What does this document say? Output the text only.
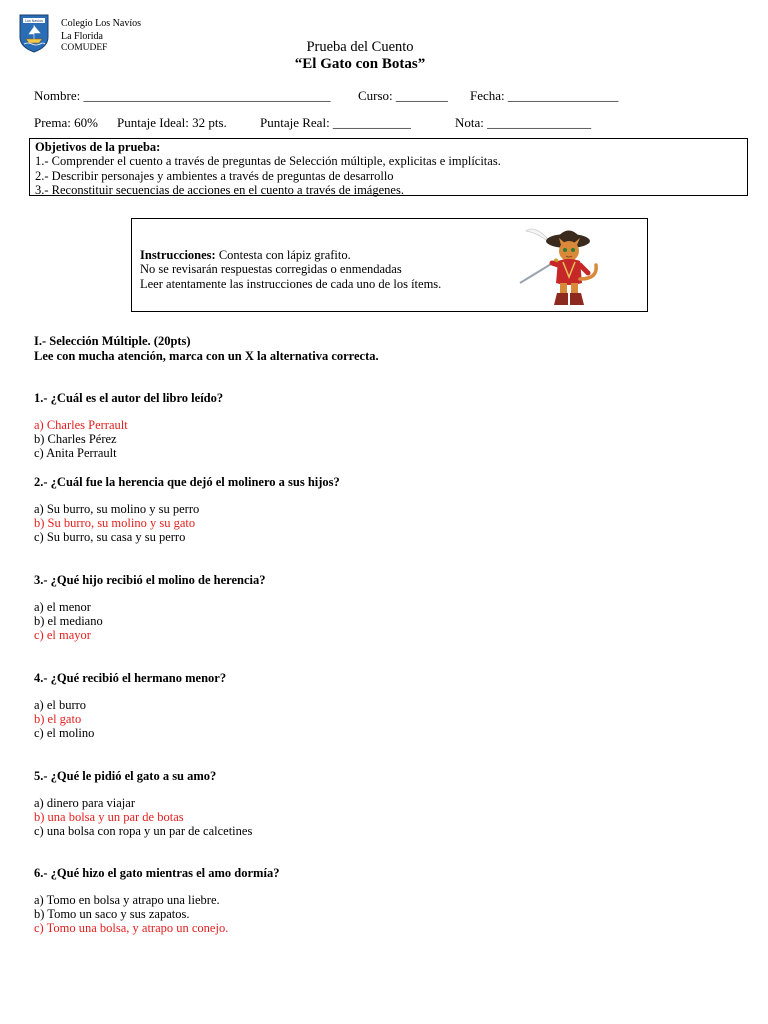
Los Navíos Colegio Los Navíos
La Florida
COMUDEF	Prueba del Cuento
“El Gato con Botas”
Nombre: ______________________________________ Curso: ________ Fecha: _________________
Prema: 60% Puntaje Ideal: 32 pts.	Puntaje Real: ____________	Nota: ________________
Objetivos de la prueba:
1.- Comprender el cuento a través de preguntas de Selección múltiple, explicitas e implícitas.
2.- Describir personajes y ambientes a través de preguntas de desarrollo
3.- Reconstituir secuencias de acciones en el cuento a través de imágenes.
Instrucciones: Contesta con lápiz grafito.
No se revisarán respuestas corregidas o enmendadas
Leer atentamente las instrucciones de cada uno de los ítems.
I.- Selección Múltiple. (20pts)
Lee con mucha atención, marca con un X la alternativa correcta.
1.- ¿Cuál es el autor del libro leído?
a) Charles Perrault
b) Charles Pérez
c) Anita Perrault
2.- ¿Cuál fue la herencia que dejó el molinero a sus hijos?
a) Su burro, su molino y su perro
b) Su burro, su molino y su gato
c) Su burro, su casa y su perro
3.- ¿Qué hijo recibió el molino de herencia?
a) el menor
b) el mediano
c) el mayor
4.- ¿Qué recibió el hermano menor?
a) el burro
b) el gato
c) el molino
5.- ¿Qué le pidió el gato a su amo?
a) dinero para viajar
b) una bolsa y un par de botas
c) una bolsa con ropa y un par de calcetines
6.- ¿Qué hizo el gato mientras el amo dormía?
a) Tomo en bolsa y atrapo una liebre.
b) Tomo un saco y sus zapatos.
c) Tomo una bolsa, y atrapo un conejo.
